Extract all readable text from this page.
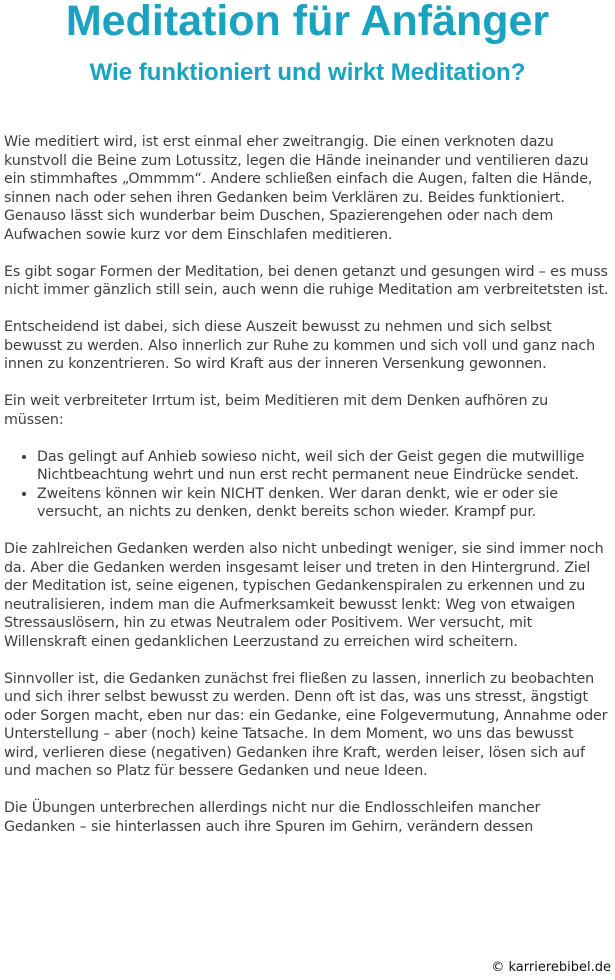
Meditation für Anfänger
Wie funktioniert und wirkt Meditation?

Wie meditiert wird, ist erst einmal eher zweitrangig. Die einen verknoten dazu kunstvoll die Beine zum Lotussitz, legen die Hände ineinander und ventilieren dazu ein stimmhaftes „Ommmm“. Andere schließen einfach die Augen, falten die Hände, sinnen nach oder sehen ihren Gedanken beim Verklären zu. Beides funktioniert. Genauso lässt sich wunderbar beim Duschen, Spazierengehen oder nach dem Aufwachen sowie kurz vor dem Einschlafen meditieren.

Es gibt sogar Formen der Meditation, bei denen getanzt und gesungen wird – es muss nicht immer gänzlich still sein, auch wenn die ruhige Meditation am verbreitetsten ist.

Entscheidend ist dabei, sich diese Auszeit bewusst zu nehmen und sich selbst bewusst zu werden. Also innerlich zur Ruhe zu kommen und sich voll und ganz nach innen zu konzentrieren. So wird Kraft aus der inneren Versenkung gewonnen.

Ein weit verbreiteter Irrtum ist, beim Meditieren mit dem Denken aufhören zu müssen:

• Das gelingt auf Anhieb sowieso nicht, weil sich der Geist gegen die mutwillige Nichtbeachtung wehrt und nun erst recht permanent neue Eindrücke sendet.
• Zweitens können wir kein NICHT denken. Wer daran denkt, wie er oder sie versucht, an nichts zu denken, denkt bereits schon wieder. Krampf pur.

Die zahlreichen Gedanken werden also nicht unbedingt weniger, sie sind immer noch da. Aber die Gedanken werden insgesamt leiser und treten in den Hintergrund. Ziel der Meditation ist, seine eigenen, typischen Gedankenspiralen zu erkennen und zu neutralisieren, indem man die Aufmerksamkeit bewusst lenkt: Weg von etwaigen Stressauslösern, hin zu etwas Neutralem oder Positivem. Wer versucht, mit Willenskraft einen gedanklichen Leerzustand zu erreichen wird scheitern.

Sinnvoller ist, die Gedanken zunächst frei fließen zu lassen, innerlich zu beobachten und sich ihrer selbst bewusst zu werden. Denn oft ist das, was uns stresst, ängstigt oder Sorgen macht, eben nur das: ein Gedanke, eine Folgevermutung, Annahme oder Unterstellung – aber (noch) keine Tatsache. In dem Moment, wo uns das bewusst wird, verlieren diese (negativen) Gedanken ihre Kraft, werden leiser, lösen sich auf und machen so Platz für bessere Gedanken und neue Ideen.

Die Übungen unterbrechen allerdings nicht nur die Endlosschleifen mancher Gedanken – sie hinterlassen auch ihre Spuren im Gehirn, verändern dessen

© karrierebibel.de
